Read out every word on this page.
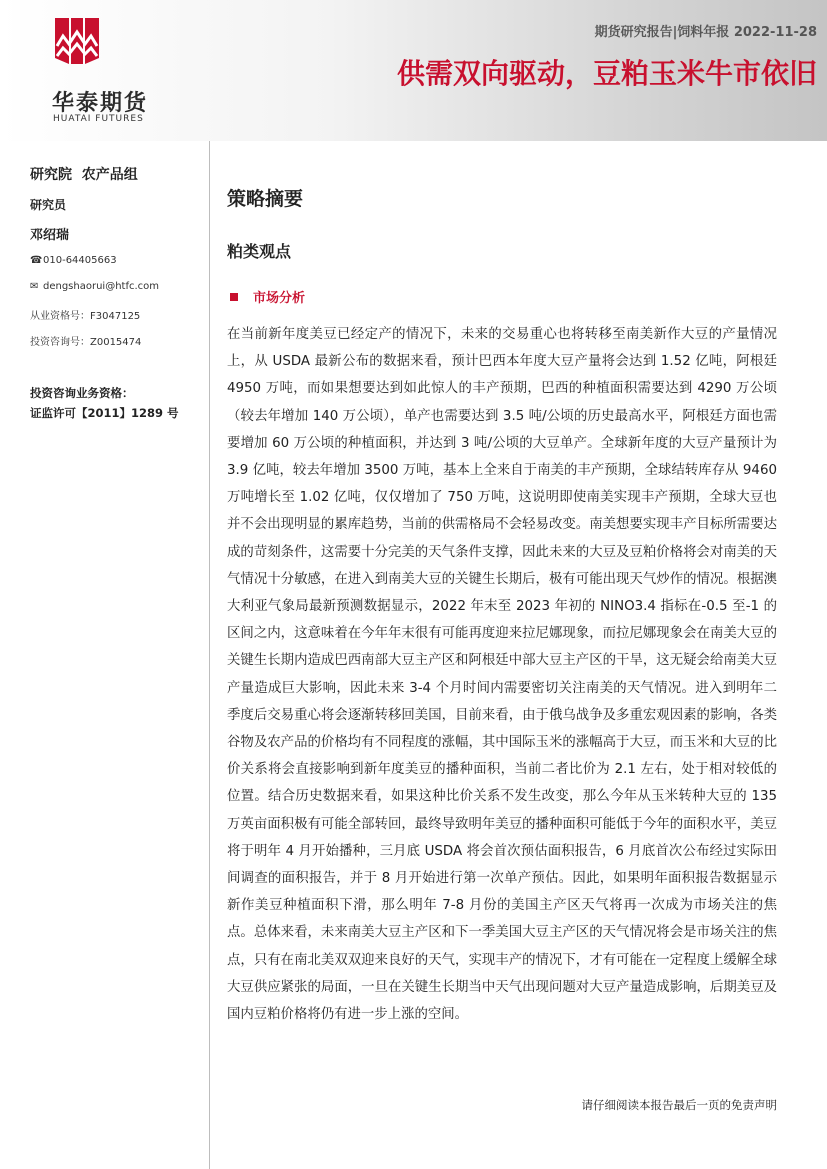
华泰期货
HUATAI FUTURES
期货研究报告|饲料年报 2022-11-28
供需双向驱动，豆粕玉米牛市依旧
研究院  农产品组
研究员
邓绍瑞
☎010-64405663
✉ dengshaorui@htfc.com
从业资格号：F3047125
投资咨询号：Z0015474
投资咨询业务资格：
证监许可【2011】1289 号
策略摘要
粕类观点
市场分析
在当前新年度美豆已经定产的情况下，未来的交易重心也将转移至南美新作大豆的产量情况上，从 USDA 最新公布的数据来看，预计巴西本年度大豆产量将会达到 1.52 亿吨，阿根廷 4950 万吨，而如果想要达到如此惊人的丰产预期，巴西的种植面积需要达到 4290 万公顷（较去年增加 140 万公顷），单产也需要达到 3.5 吨/公顷的历史最高水平，阿根廷方面也需要增加 60 万公顷的种植面积，并达到 3 吨/公顷的大豆单产。全球新年度的大豆产量预计为 3.9 亿吨，较去年增加 3500 万吨，基本上全来自于南美的丰产预期，全球结转库存从 9460 万吨增长至 1.02 亿吨，仅仅增加了 750 万吨，这说明即使南美实现丰产预期，全球大豆也并不会出现明显的累库趋势，当前的供需格局不会轻易改变。南美想要实现丰产目标所需要达成的苛刻条件，这需要十分完美的天气条件支撑，因此未来的大豆及豆粕价格将会对南美的天气情况十分敏感，在进入到南美大豆的关键生长期后，极有可能出现天气炒作的情况。根据澳大利亚气象局最新预测数据显示，2022 年末至 2023 年初的 NINO3.4 指标在-0.5 至-1 的区间之内，这意味着在今年年末很有可能再度迎来拉尼娜现象，而拉尼娜现象会在南美大豆的关键生长期内造成巴西南部大豆主产区和阿根廷中部大豆主产区的干旱，这无疑会给南美大豆产量造成巨大影响，因此未来 3-4 个月时间内需要密切关注南美的天气情况。进入到明年二季度后交易重心将会逐渐转移回美国，目前来看，由于俄乌战争及多重宏观因素的影响，各类谷物及农产品的价格均有不同程度的涨幅，其中国际玉米的涨幅高于大豆，而玉米和大豆的比价关系将会直接影响到新年度美豆的播种面积，当前二者比价为 2.1 左右，处于相对较低的位置。结合历史数据来看，如果这种比价关系不发生改变，那么今年从玉米转种大豆的 135 万英亩面积极有可能全部转回，最终导致明年美豆的播种面积可能低于今年的面积水平，美豆将于明年 4 月开始播种，三月底 USDA 将会首次预估面积报告，6 月底首次公布经过实际田间调查的面积报告，并于 8 月开始进行第一次单产预估。因此，如果明年面积报告数据显示新作美豆种植面积下滑，那么明年 7-8 月份的美国主产区天气将再一次成为市场关注的焦点。总体来看，未来南美大豆主产区和下一季美国大豆主产区的天气情况将会是市场关注的焦点，只有在南北美双双迎来良好的天气，实现丰产的情况下，才有可能在一定程度上缓解全球大豆供应紧张的局面，一旦在关键生长期当中天气出现问题对大豆产量造成影响，后期美豆及国内豆粕价格将仍有进一步上涨的空间。
请仔细阅读本报告最后一页的免责声明
